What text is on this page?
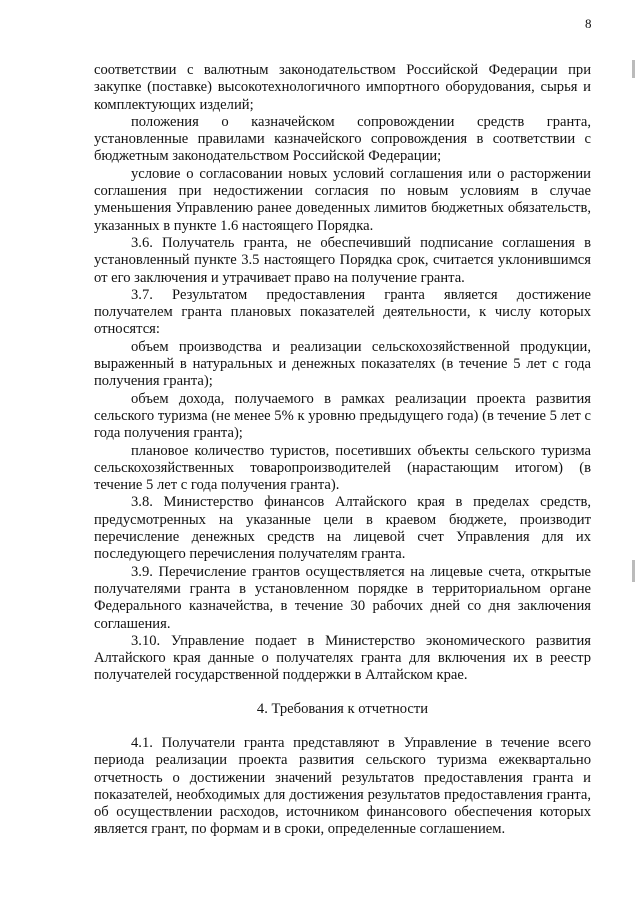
8

соответствии с валютным законодательством Российской Федерации при закупке (поставке) высокотехнологичного импортного оборудования, сырья и комплектующих изделий;

положения о казначейском сопровождении средств гранта, установленные правилами казначейского сопровождения в соответствии с бюджетным законодательством Российской Федерации;

условие о согласовании новых условий соглашения или о расторжении соглашения при недостижении согласия по новым условиям в случае уменьшения Управлению ранее доведенных лимитов бюджетных обязательств, указанных в пункте 1.6 настоящего Порядка.

3.6. Получатель гранта, не обеспечивший подписание соглашения в установленный пункте 3.5 настоящего Порядка срок, считается уклонившимся от его заключения и утрачивает право на получение гранта.

3.7. Результатом предоставления гранта является достижение получателем гранта плановых показателей деятельности, к числу которых относятся:

объем производства и реализации сельскохозяйственной продукции, выраженный в натуральных и денежных показателях (в течение 5 лет с года получения гранта);

объем дохода, получаемого в рамках реализации проекта развития сельского туризма (не менее 5% к уровню предыдущего года) (в течение 5 лет с года получения гранта);

плановое количество туристов, посетивших объекты сельского туризма сельскохозяйственных товаропроизводителей (нарастающим итогом) (в течение 5 лет с года получения гранта).

3.8. Министерство финансов Алтайского края в пределах средств, предусмотренных на указанные цели в краевом бюджете, производит перечисление денежных средств на лицевой счет Управления для их последующего перечисления получателям гранта.

3.9. Перечисление грантов осуществляется на лицевые счета, открытые получателями гранта в установленном порядке в территориальном органе Федерального казначейства, в течение 30 рабочих дней со дня заключения соглашения.

3.10. Управление подает в Министерство экономического развития Алтайского края данные о получателях гранта для включения их в реестр получателей государственной поддержки в Алтайском крае.

4. Требования к отчетности

4.1. Получатели гранта представляют в Управление в течение всего периода реализации проекта развития сельского туризма ежеквартально отчетность о достижении значений результатов предоставления гранта и показателей, необходимых для достижения результатов предоставления гранта, об осуществлении расходов, источником финансового обеспечения которых является грант, по формам и в сроки, определенные соглашением.
